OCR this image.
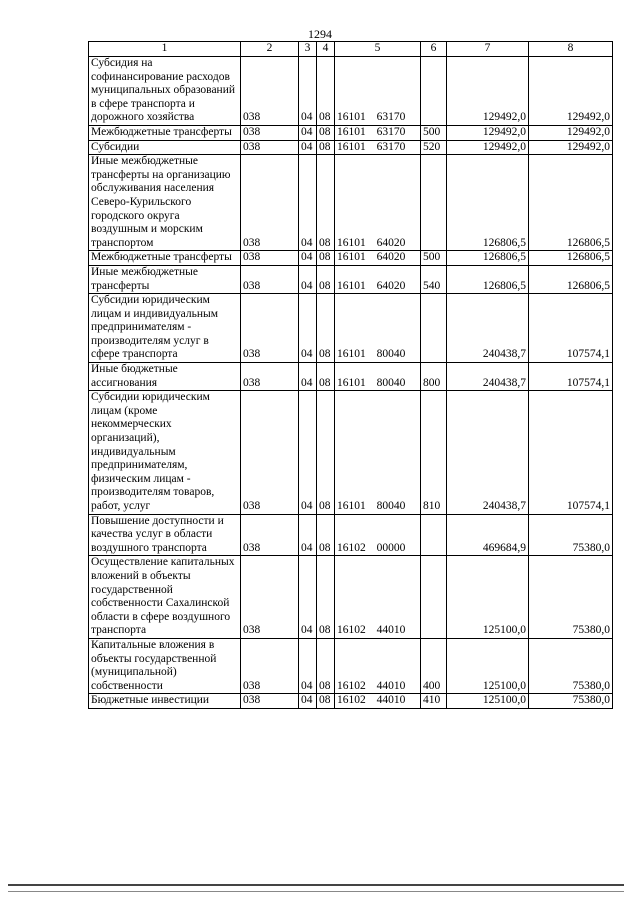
1294
1	2	3	4	5	6	7	8
Субсидия на софинансирование расходов муниципальных образований в сфере транспорта и дорожного хозяйства	038	04	08	16101 63170		129492,0	129492,0
Межбюджетные трансферты	038	04	08	16101 63170	500	129492,0	129492,0
Субсидии	038	04	08	16101 63170	520	129492,0	129492,0
Иные межбюджетные трансферты на организацию обслуживания населения Северо-Курильского городского округа воздушным и морским транспортом	038	04	08	16101 64020		126806,5	126806,5
Межбюджетные трансферты	038	04	08	16101 64020	500	126806,5	126806,5
Иные межбюджетные трансферты	038	04	08	16101 64020	540	126806,5	126806,5
Субсидии юридическим лицам и индивидуальным предпринимателям - производителям услуг в сфере транспорта	038	04	08	16101 80040		240438,7	107574,1
Иные бюджетные ассигнования	038	04	08	16101 80040	800	240438,7	107574,1
Субсидии юридическим лицам (кроме некоммерческих организаций), индивидуальным предпринимателям, физическим лицам - производителям товаров, работ, услуг	038	04	08	16101 80040	810	240438,7	107574,1
Повышение доступности и качества услуг в области воздушного транспорта	038	04	08	16102 00000		469684,9	75380,0
Осуществление капитальных вложений в объекты государственной собственности Сахалинской области в сфере воздушного транспорта	038	04	08	16102 44010		125100,0	75380,0
Капитальные вложения в объекты государственной (муниципальной) собственности	038	04	08	16102 44010	400	125100,0	75380,0
Бюджетные инвестиции	038	04	08	16102 44010	410	125100,0	75380,0
